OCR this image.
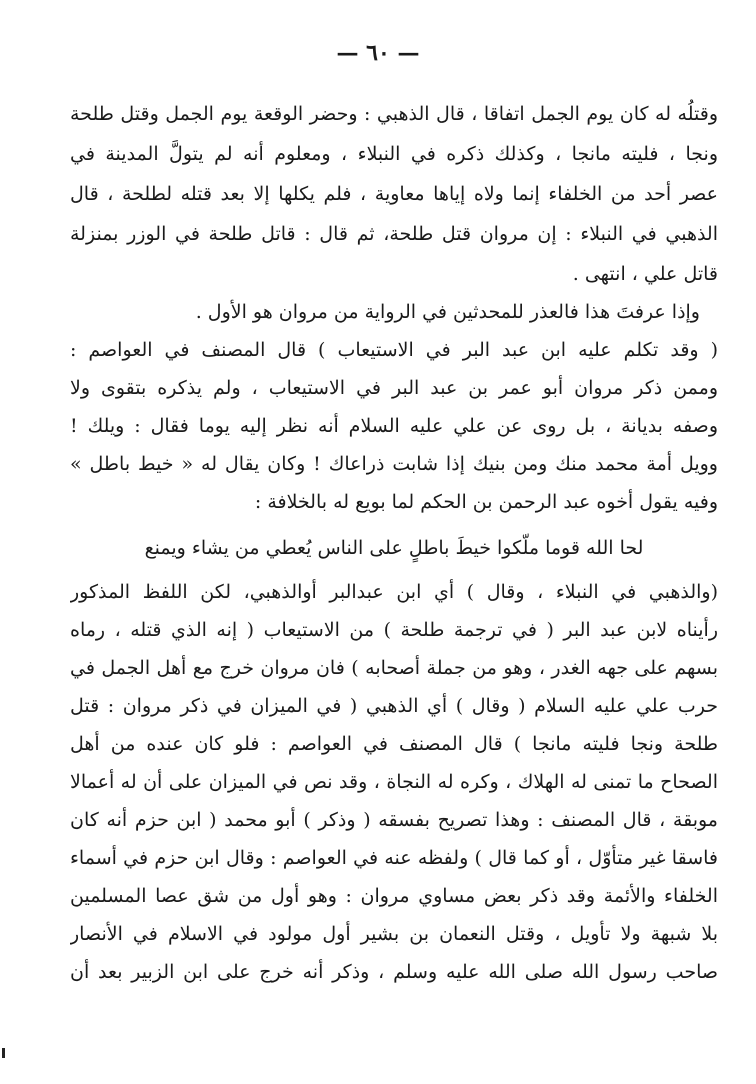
— ٦٠ —
وقتلُه له كان يوم الجمل اتفاقا ، قال الذهبي : وحضر الوقعة يوم الجمل وقتل طلحة
ونجا ، فليته مانجا ، وكذلك ذكره في النبلاء ، ومعلوم أنه لم يتولَّ المدينة في
عصر أحد من الخلفاء إنما ولاه إياها معاوية ، فلم يكلها إلا بعد قتله لطلحة ، قال
الذهبي في النبلاء : إن مروان قتل طلحة، ثم قال : قاتل طلحة في الوزر بمنزلة
قاتل علي ، انتهى .
وإذا عرفتَ هذا فالعذر للمحدثين في الرواية من مروان هو الأول .
( وقد تكلم عليه ابن عبد البر في الاستيعاب ) قال المصنف في العواصم :
وممن ذكر مروان أبو عمر بن عبد البر في الاستيعاب ، ولم يذكره بتقوى ولا
وصفه بديانة ، بل روى عن علي عليه السلام أنه نظر إليه يوما فقال : ويلك !
وويل أمة محمد منك ومن بنيك إذا شابت ذراعاك ! وكان يقال له « خيط باطل »
وفيه يقول أخوه عبد الرحمن بن الحكم لما بويع له بالخلافة :
لحا الله قوما ملّكوا خيطَ باطلٍ على الناس يُعطي من يشاء ويمنع
(والذهبي في النبلاء ، وقال ) أي ابن عبدالبر أوالذهبي، لكن اللفظ المذكور
رأيناه لابن عبد البر ( في ترجمة طلحة ) من الاستيعاب ( إنه الذي قتله ، رماه
بسهم على جهه الغدر ، وهو من جملة أصحابه ) فان مروان خرج مع أهل الجمل في
حرب علي عليه السلام ( وقال ) أي الذهبي ( في الميزان في ذكر مروان : قتل
طلحة ونجا فليته مانجا ) قال المصنف في العواصم : فلو كان عنده من أهل
الصحاح ما تمنى له الهلاك ، وكره له النجاة ، وقد نص في الميزان على أن له أعمالا
موبقة ، قال المصنف : وهذا تصريح بفسقه ( وذكر ) أبو محمد ( ابن حزم أنه كان
فاسقا غير متأوّل ، أو كما قال ) ولفظه عنه في العواصم : وقال ابن حزم في أسماء
الخلفاء والأئمة وقد ذكر بعض مساوي مروان : وهو أول من شق عصا المسلمين
بلا شبهة ولا تأويل ، وقتل النعمان بن بشير أول مولود في الاسلام في الأنصار
صاحب رسول الله صلى الله عليه وسلم ، وذكر أنه خرج على ابن الزبير بعد أن
